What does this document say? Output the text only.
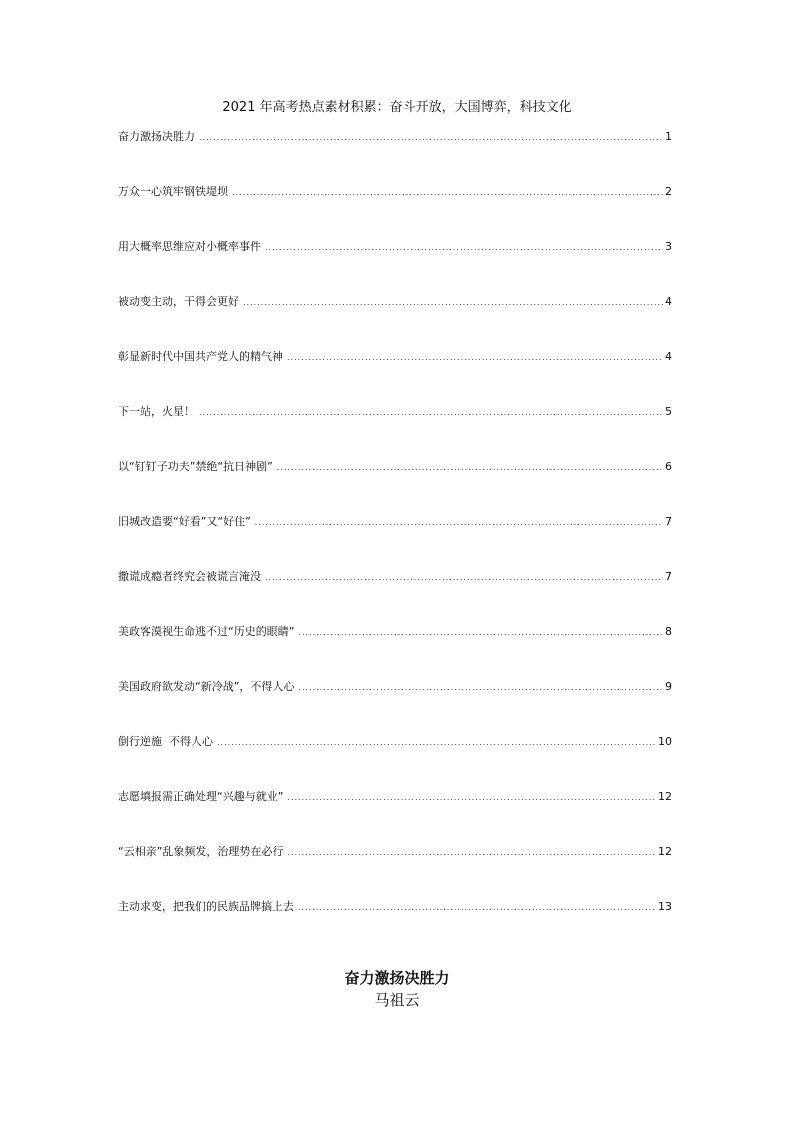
2021 年高考热点素材积累：奋斗开放，大国博弈，科技文化
奋力激扬决胜力 .....	1
万众一心筑牢钢铁堤坝 .....	2
用大概率思维应对小概率事件 .....	3
被动变主动，干得会更好 .....	4
彰显新时代中国共产党人的精气神 .....	4
下一站，火星！ .....	5
以“钉钉子功夫”禁绝“抗日神剧” .....	6
旧城改造要“好看”又“好住” .....	7
撒谎成瘾者终究会被谎言淹没 .....	7
美政客漠视生命逃不过“历史的眼睛” .....	8
美国政府欲发动“新冷战”，不得人心 .....	9
倒行逆施  不得人心 .....	10
志愿填报需正确处理“兴趣与就业” .....	12
“云相亲”乱象频发，治理势在必行 .....	12
主动求变，把我们的民族品牌搞上去 .....	13
奋力激扬决胜力
马祖云
